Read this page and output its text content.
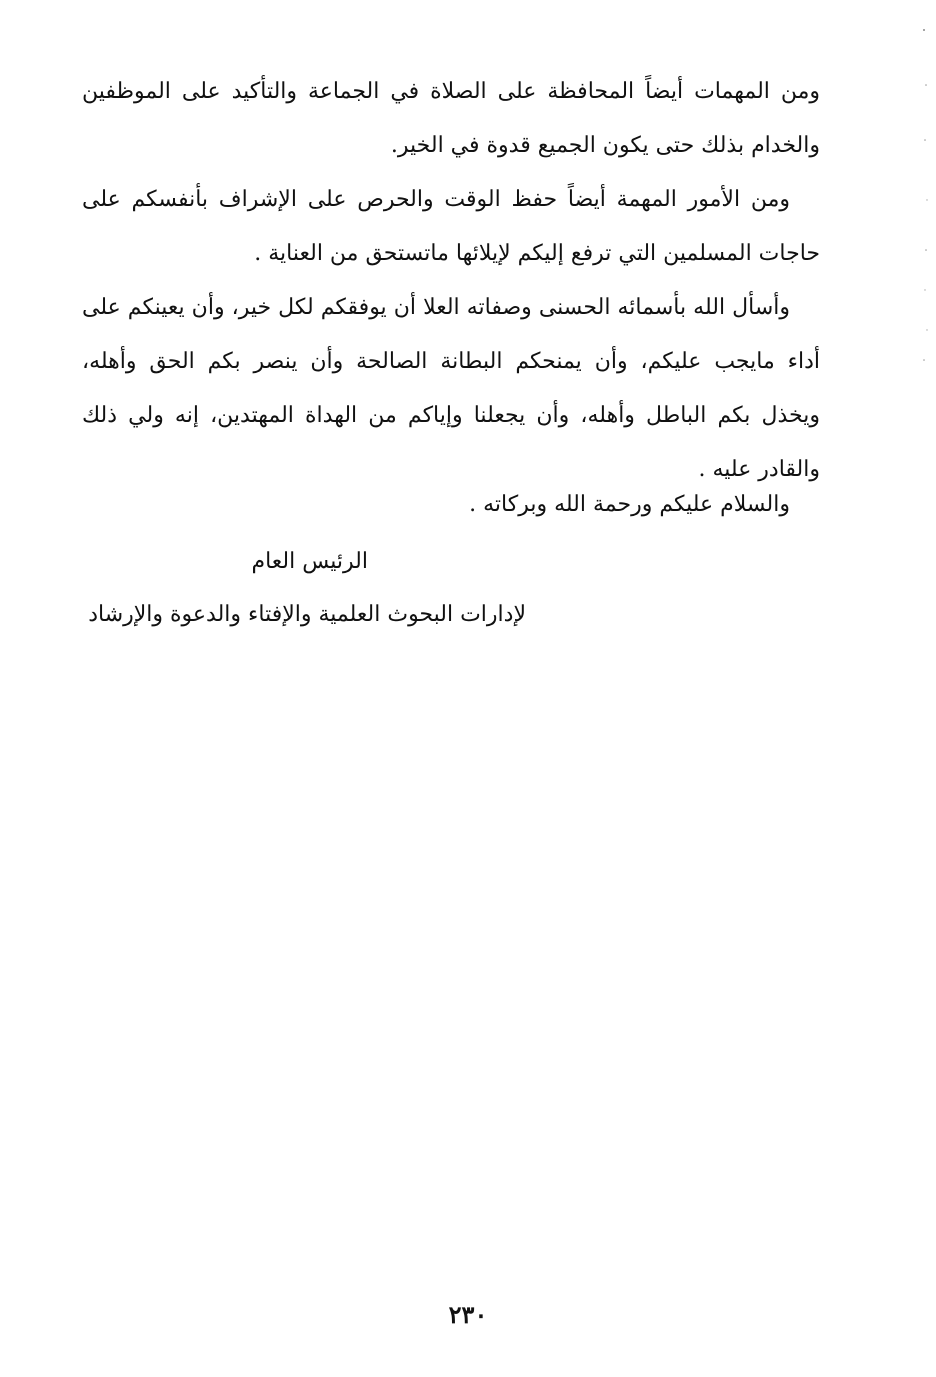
ومن المهمات أيضاً المحافظة على الصلاة في الجماعة والتأكيد على الموظفين والخدام بذلك حتى يكون الجميع قدوة في الخير.

ومن الأمور المهمة أيضاً حفظ الوقت والحرص على الإشراف بأنفسكم على حاجات المسلمين التي ترفع إليكم لإيلائها ماتستحق من العناية .

وأسأل الله بأسمائه الحسنى وصفاته العلا أن يوفقكم لكل خير، وأن يعينكم على أداء مايجب عليكم، وأن يمنحكم البطانة الصالحة وأن ينصر بكم الحق وأهله، ويخذل بكم الباطل وأهله، وأن يجعلنا وإياكم من الهداة المهتدين، إنه ولي ذلك والقادر عليه .

والسلام عليكم ورحمة الله وبركاته .

الرئيس العام

لإدارات البحوث العلمية والإفتاء والدعوة والإرشاد

٢٣٠
